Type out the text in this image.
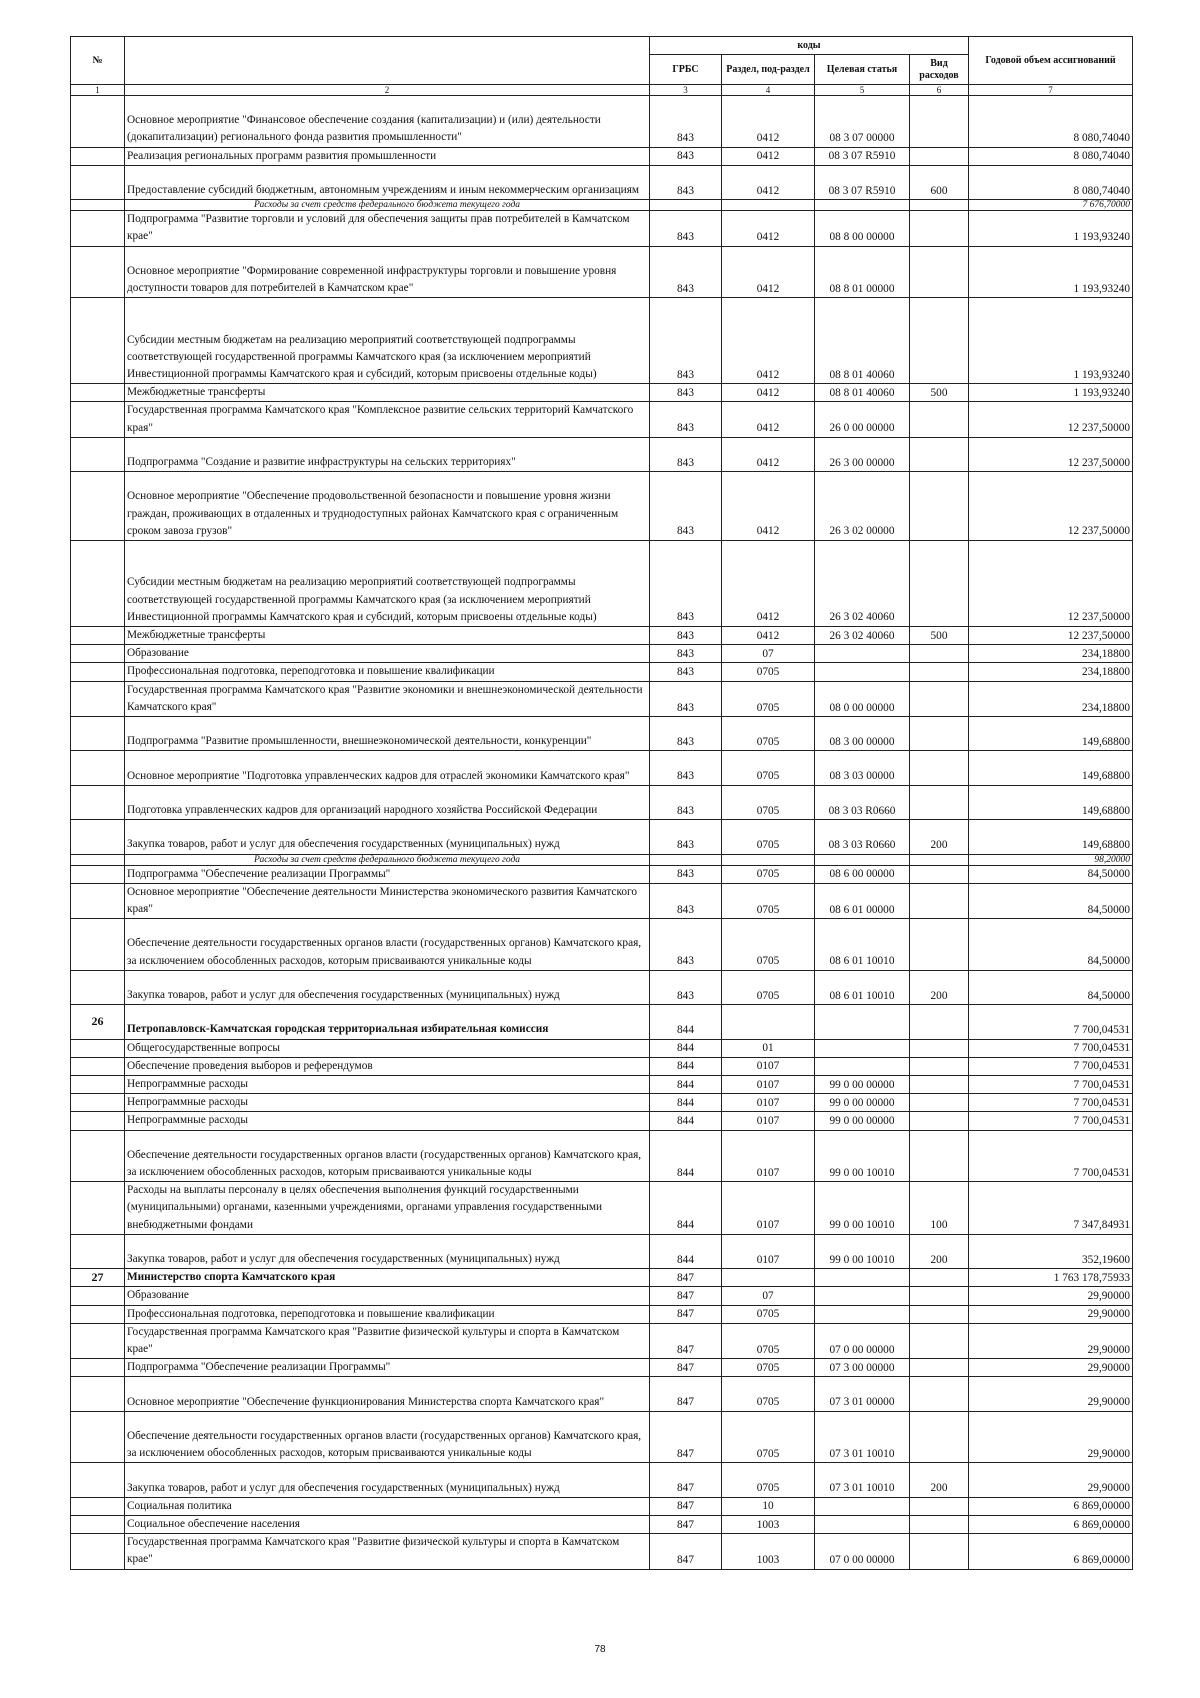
№		коды				Годовой объем ассигнований
		ГРБС	Раздел, под-раздел	Целевая статья	Вид расходов	
1	2	3	4	5	6	7
	Основное мероприятие "Финансовое обеспечение создания (капитализации) и (или) деятельности (докапитализации) регионального фонда развития промышленности"	843	0412	08 3 07 00000		8 080,74040
	Реализация региональных программ развития промышленности	843	0412	08 3 07 R5910		8 080,74040
	Предоставление субсидий бюджетным, автономным учреждениям и иным некоммерческим организациям	843	0412	08 3 07 R5910	600	8 080,74040
	Расходы за счет средств федерального бюджета текущего года					7 676,70000
	Подпрограмма "Развитие торговли и условий для обеспечения защиты прав потребителей в Камчатском крае"	843	0412	08 8 00 00000		1 193,93240
	Основное мероприятие "Формирование современной инфраструктуры торговли и повышение уровня доступности товаров для потребителей в Камчатском крае"	843	0412	08 8 01 00000		1 193,93240
	Субсидии местным бюджетам на реализацию мероприятий соответствующей подпрограммы соответствующей государственной программы Камчатского края (за исключением мероприятий Инвестиционной программы Камчатского края и субсидий, которым присвоены отдельные коды)	843	0412	08 8 01 40060		1 193,93240
	Межбюджетные трансферты	843	0412	08 8 01 40060	500	1 193,93240
	Государственная программа Камчатского края "Комплексное развитие сельских территорий Камчатского края"	843	0412	26 0 00 00000		12 237,50000
	Подпрограмма "Создание и развитие инфраструктуры на сельских территориях"	843	0412	26 3 00 00000		12 237,50000
	Основное мероприятие "Обеспечение продовольственной безопасности и повышение уровня жизни граждан, проживающих в отдаленных и труднодоступных районах Камчатского края с ограниченным сроком завоза грузов"	843	0412	26 3 02 00000		12 237,50000
	Субсидии местным бюджетам на реализацию мероприятий соответствующей подпрограммы соответствующей государственной программы Камчатского края (за исключением мероприятий Инвестиционной программы Камчатского края и субсидий, которым присвоены отдельные коды)	843	0412	26 3 02 40060		12 237,50000
	Межбюджетные трансферты	843	0412	26 3 02 40060	500	12 237,50000
	Образование	843	07			234,18800
	Профессиональная подготовка, переподготовка и повышение квалификации	843	0705			234,18800
	Государственная программа Камчатского края "Развитие экономики и внешнеэкономической деятельности Камчатского края"	843	0705	08 0 00 00000		234,18800
	Подпрограмма "Развитие промышленности, внешнеэкономической деятельности, конкуренции"	843	0705	08 3 00 00000		149,68800
	Основное мероприятие "Подготовка управленческих кадров для отраслей экономики Камчатского края"	843	0705	08 3 03 00000		149,68800
	Подготовка управленческих кадров для организаций народного хозяйства Российской Федерации	843	0705	08 3 03 R0660		149,68800
	Закупка товаров, работ и услуг для обеспечения государственных (муниципальных) нужд	843	0705	08 3 03 R0660	200	149,68800
	Расходы за счет средств федерального бюджета текущего года					98,20000
	Подпрограмма "Обеспечение реализации Программы"	843	0705	08 6 00 00000		84,50000
	Основное мероприятие "Обеспечение деятельности Министерства экономического развития Камчатского края"	843	0705	08 6 01 00000		84,50000
	Обеспечение деятельности государственных органов власти (государственных органов) Камчатского края, за исключением обособленных расходов, которым присваиваются уникальные коды	843	0705	08 6 01 10010		84,50000
	Закупка товаров, работ и услуг для обеспечения государственных (муниципальных) нужд	843	0705	08 6 01 10010	200	84,50000
26	Петропавловск-Камчатская городская территориальная избирательная комиссия	844				7 700,04531
	Общегосударственные вопросы	844	01			7 700,04531
	Обеспечение проведения выборов и референдумов	844	0107			7 700,04531
	Непрограммные расходы	844	0107	99 0 00 00000		7 700,04531
	Непрограммные расходы	844	0107	99 0 00 00000		7 700,04531
	Непрограммные расходы	844	0107	99 0 00 00000		7 700,04531
	Обеспечение деятельности государственных органов власти (государственных органов) Камчатского края, за исключением обособленных расходов, которым присваиваются уникальные коды	844	0107	99 0 00 10010		7 700,04531
	Расходы на выплаты персоналу в целях обеспечения выполнения функций государственными (муниципальными) органами, казенными учреждениями, органами управления государственными внебюджетными фондами	844	0107	99 0 00 10010	100	7 347,84931
	Закупка товаров, работ и услуг для обеспечения государственных (муниципальных) нужд	844	0107	99 0 00 10010	200	352,19600
27	Министерство спорта Камчатского края	847				1 763 178,75933
	Образование	847	07			29,90000
	Профессиональная подготовка, переподготовка и повышение квалификации	847	0705			29,90000
	Государственная программа Камчатского края "Развитие физической культуры и спорта в Камчатском крае"	847	0705	07 0 00 00000		29,90000
	Подпрограмма "Обеспечение реализации Программы"	847	0705	07 3 00 00000		29,90000
	Основное мероприятие "Обеспечение функционирования Министерства спорта Камчатского края"	847	0705	07 3 01 00000		29,90000
	Обеспечение деятельности государственных органов власти (государственных органов) Камчатского края, за исключением обособленных расходов, которым присваиваются уникальные коды	847	0705	07 3 01 10010		29,90000
	Закупка товаров, работ и услуг для обеспечения государственных (муниципальных) нужд	847	0705	07 3 01 10010	200	29,90000
	Социальная политика	847	10			6 869,00000
	Социальное обеспечение населения	847	1003			6 869,00000
	Государственная программа Камчатского края "Развитие физической культуры и спорта в Камчатском крае"	847	1003	07 0 00 00000		6 869,00000
78
